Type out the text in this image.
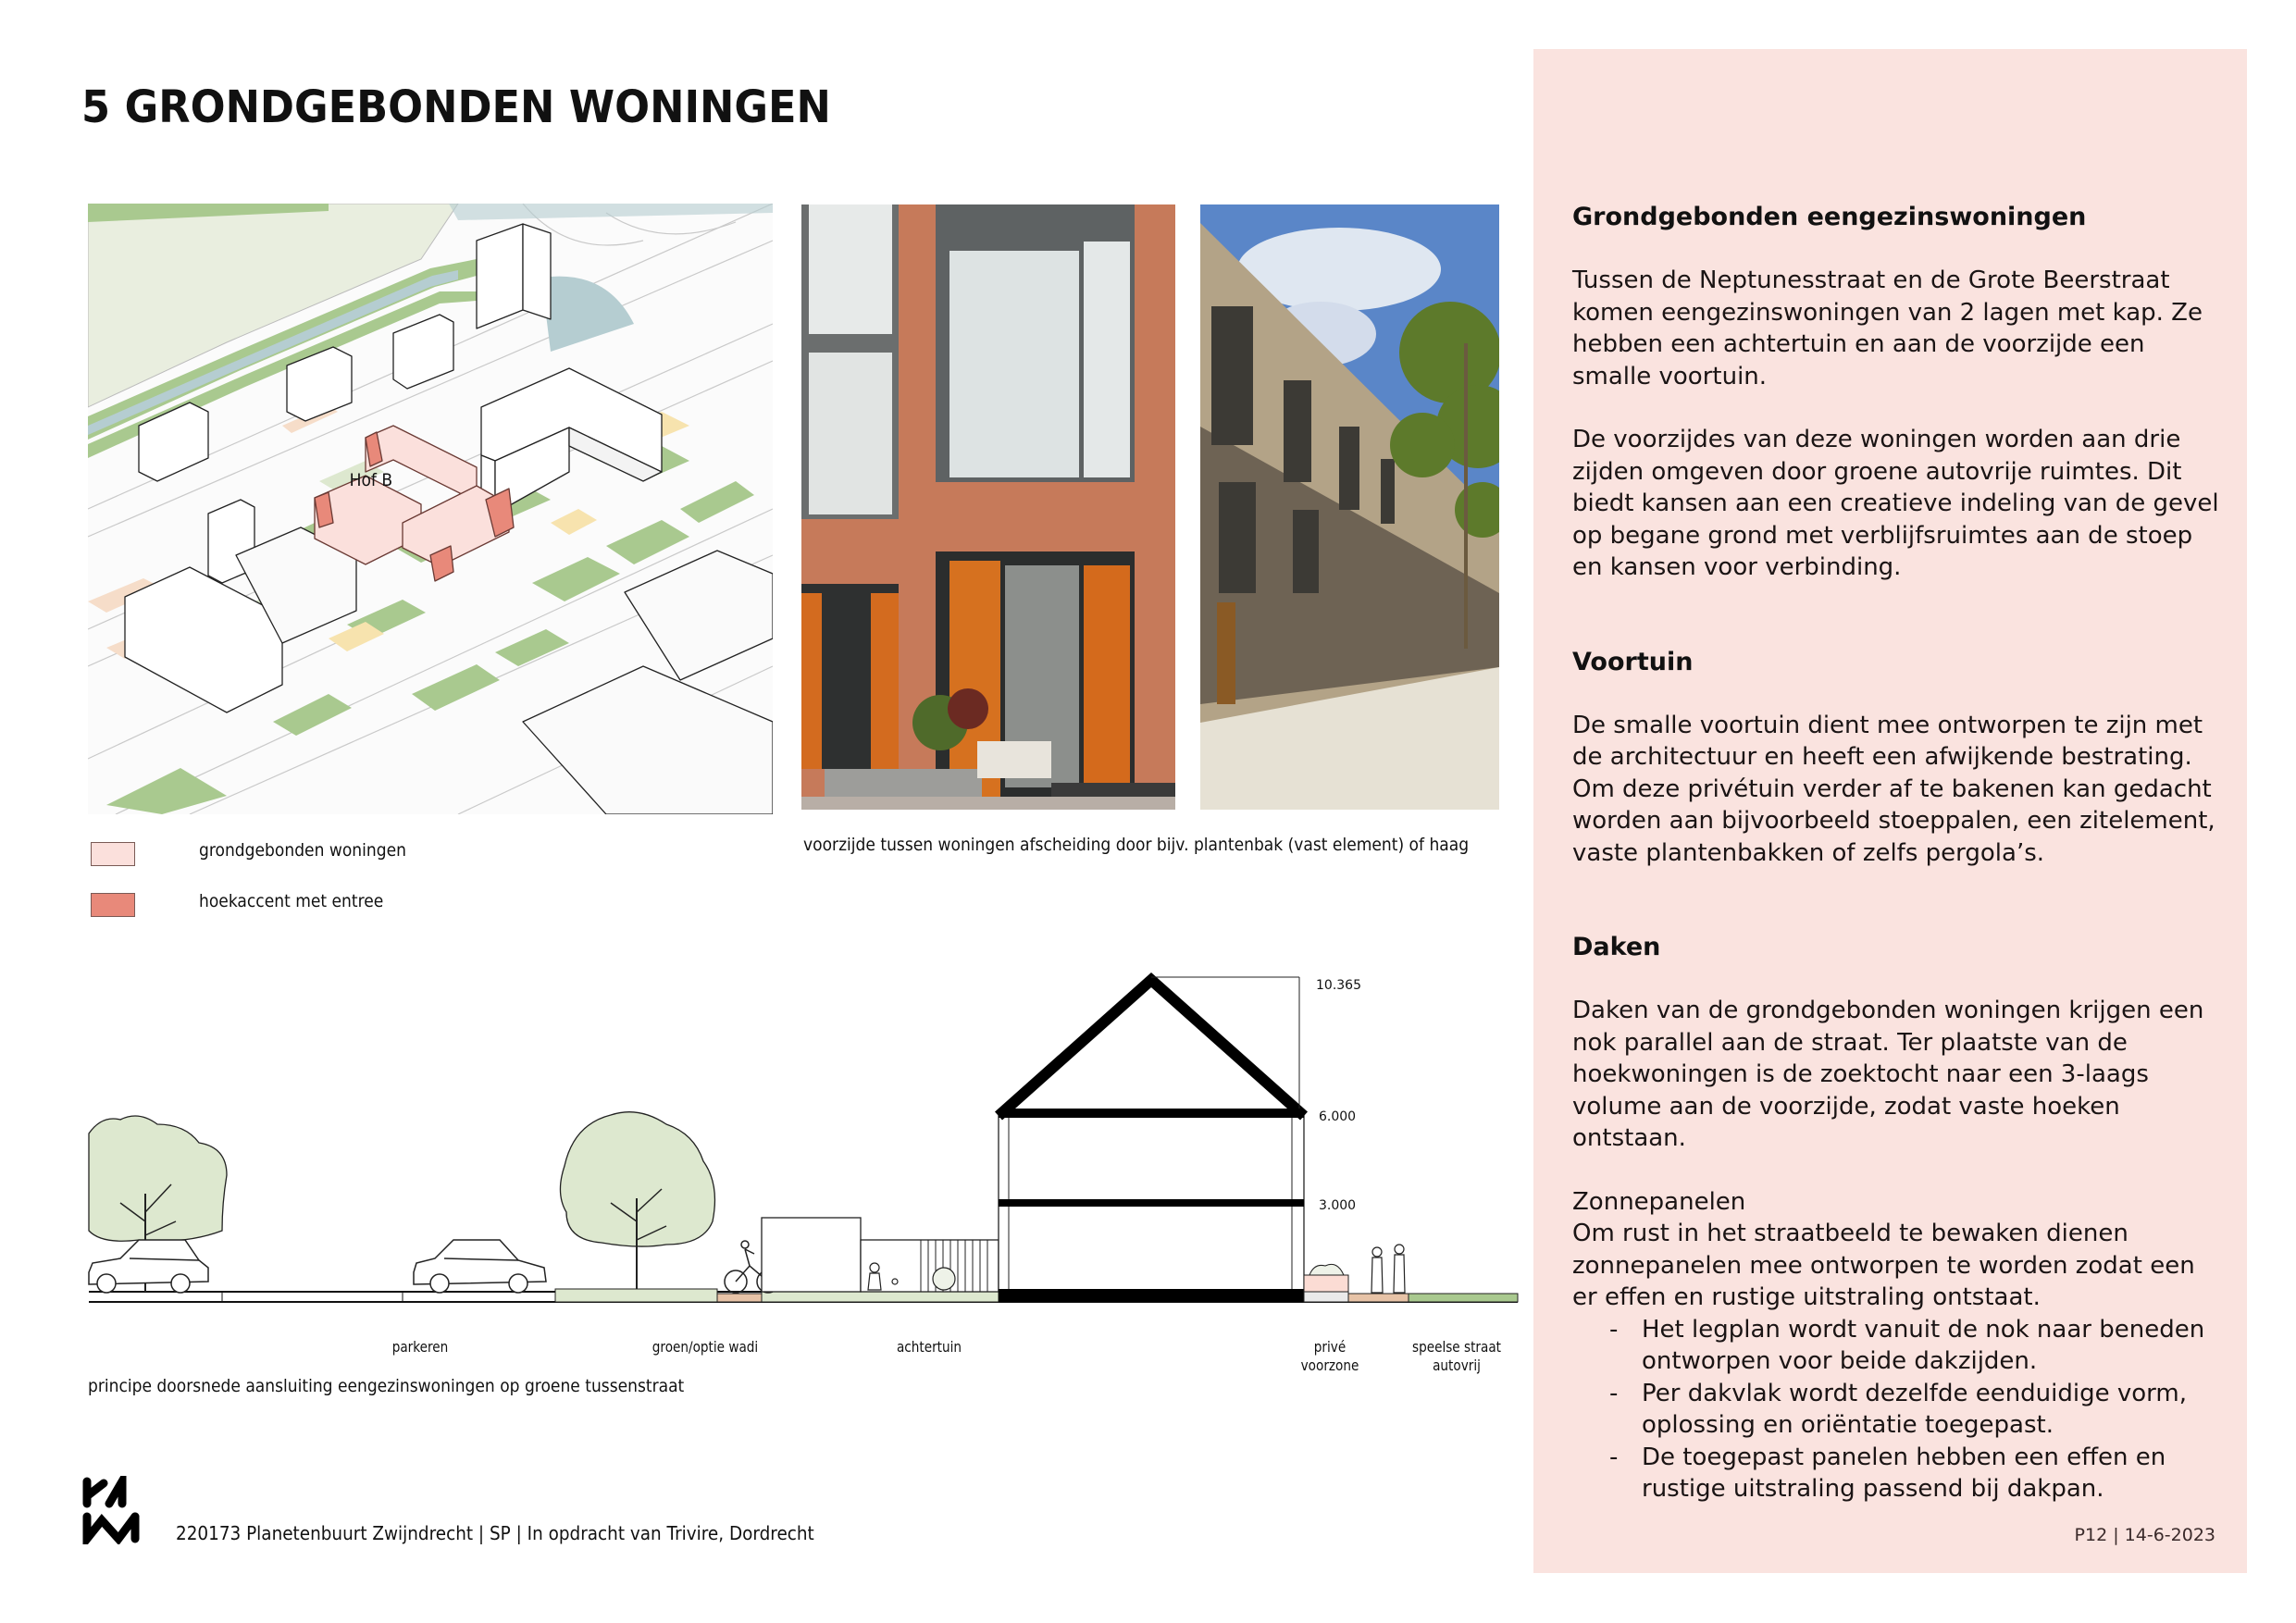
5 GRONDGEBONDEN WONINGEN
Hof B
grondgebonden woningen
hoekaccent met entree
voorzijde tussen woningen afscheiding door bijv. plantenbak (vast element) of haag
10.365
6.000
3.000
parkeren	groen/optie wadi	achtertuin	privé
voorzone
speelse straat
autovrij
principe doorsnede aansluiting eengezinswoningen op groene tussenstraat
Grondgebonden eengezinswoningen

Tussen de Neptunesstraat en de Grote Beerstraat komen eengezinswoningen van 2 lagen met kap. Ze hebben een achtertuin en aan de voorzijde een smalle voortuin.

De voorzijdes van deze woningen worden aan drie zijden omgeven door groene autovrije ruimtes. Dit biedt kansen aan een creatieve indeling van de gevel op begane grond met verblijfsruimtes aan de stoep en kansen voor verbinding.

Voortuin

De smalle voortuin dient mee ontworpen te zijn met de architectuur en heeft een afwijkende bestrating. Om deze privétuin verder af te bakenen kan gedacht worden aan bijvoorbeeld stoeppalen, een zitelement, vaste plantenbakken of zelfs pergola’s.

Daken

Daken van de grondgebonden woningen krijgen een nok parallel aan de straat. Ter plaatste van de hoekwoningen is de zoektocht naar een 3-laags volume aan de voorzijde, zodat vaste hoeken ontstaan.

Zonnepanelen

Om rust in het straatbeeld te bewaken dienen zonnepanelen mee ontworpen te worden zodat een er effen en rustige uitstraling ontstaat.

- Het legplan wordt vanuit de nok naar beneden ontworpen voor beide dakzijden.
- Per dakvlak wordt dezelfde eenduidige vorm, oplossing en oriëntatie toegepast.
- De toegepast panelen hebben een effen en rustige uitstraling passend bij dakpan.
P12 | 14-6-2023
220173 Planetenbuurt Zwijndrecht | SP | In opdracht van Trivire, Dordrecht
